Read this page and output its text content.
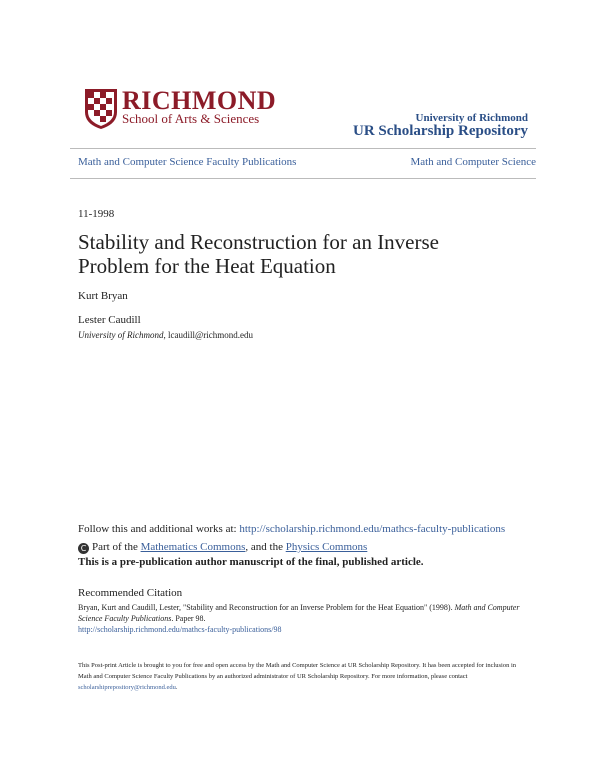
RICHMOND
School of Arts & Sciences	University of Richmond
UR Scholarship Repository
Math and Computer Science Faculty Publications	Math and Computer Science
11-1998
Stability and Reconstruction for an Inverse Problem for the Heat Equation
Kurt Bryan
Lester Caudill
University of Richmond, lcaudill@richmond.edu
Follow this and additional works at: http://scholarship.richmond.edu/mathcs-faculty-publications
C Part of the Mathematics Commons, and the Physics Commons
This is a pre-publication author manuscript of the final, published article.
Recommended Citation
Bryan, Kurt and Caudill, Lester, "Stability and Reconstruction for an Inverse Problem for the Heat Equation" (1998). Math and Computer Science Faculty Publications. Paper 98.
http://scholarship.richmond.edu/mathcs-faculty-publications/98
This Post-print Article is brought to you for free and open access by the Math and Computer Science at UR Scholarship Repository. It has been accepted for inclusion in Math and Computer Science Faculty Publications by an authorized administrator of UR Scholarship Repository. For more information, please contact scholarshiprepository@richmond.edu.
